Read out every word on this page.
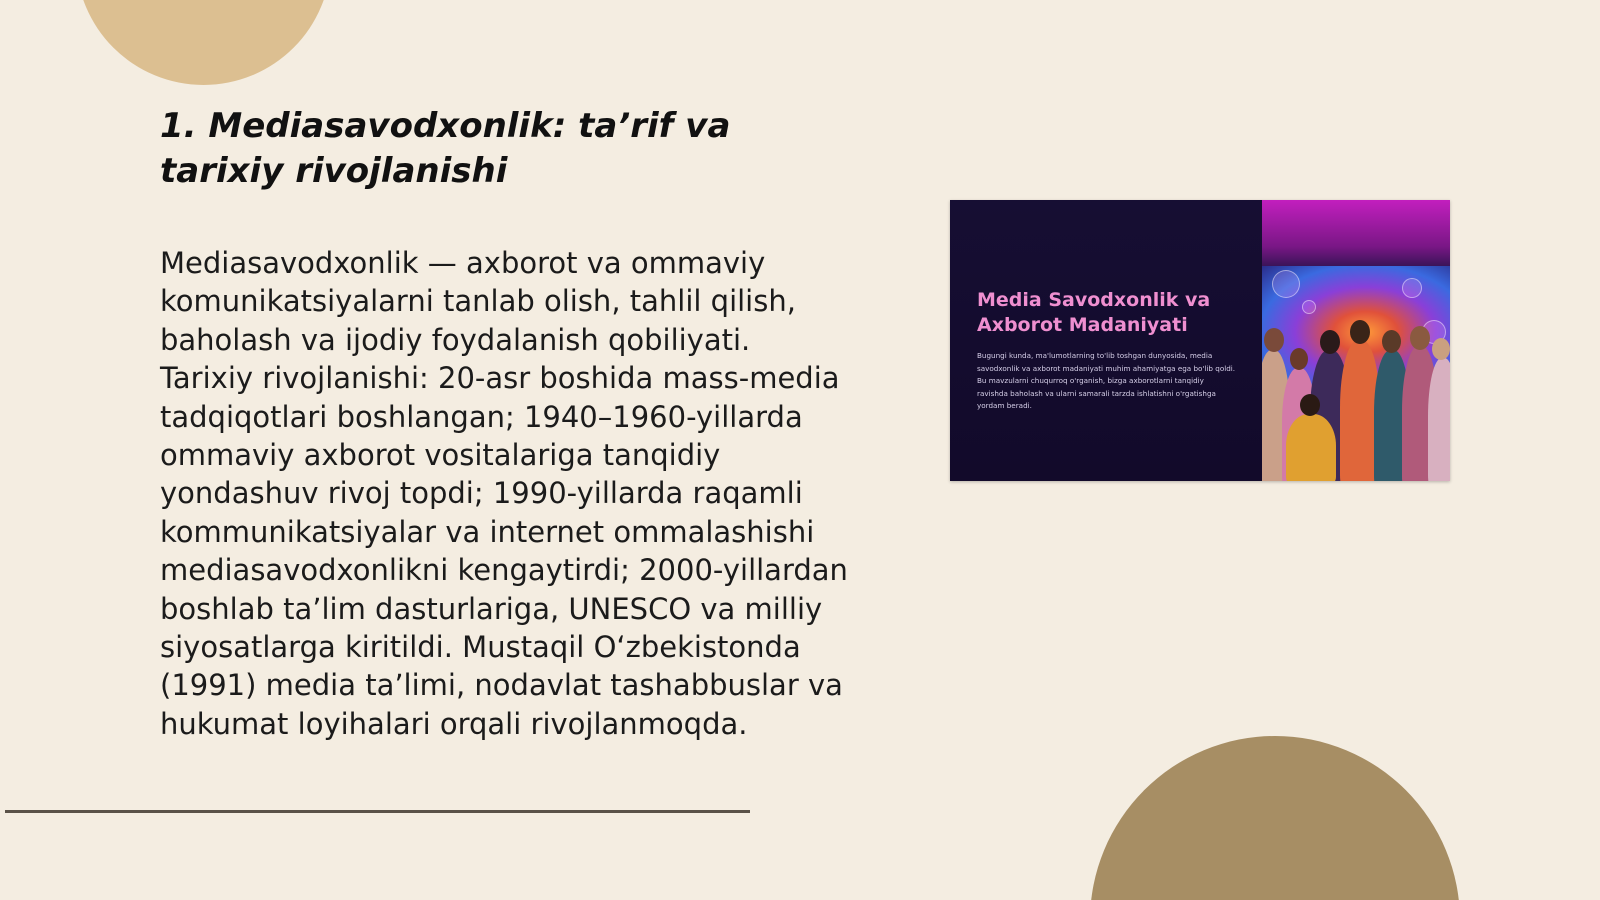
1. Mediasavodxonlik: ta’rif va tarixiy rivojlanishi

Mediasavodxonlik — axborot va ommaviy komunikatsiyalarni tanlab olish, tahlil qilish, baholash va ijodiy foydalanish qobiliyati. Tarixiy rivojlanishi: 20-asr boshida mass-media tadqiqotlari boshlangan; 1940–1960-yillarda ommaviy axborot vositalariga tanqidiy yondashuv rivoj topdi; 1990-yillarda raqamli kommunikatsiyalar va internet ommalashishi mediasavodxonlikni kengaytirdi; 2000-yillardan boshlab ta’lim dasturlariga, UNESCO va milliy siyosatlarga kiritildi. Mustaqil O‘zbekistonda (1991) media ta’limi, nodavlat tashabbuslar va hukumat loyihalari orqali rivojlanmoqda.

Media Savodxonlik va Axborot Madaniyati

Bugungi kunda, ma'lumotlarning to'lib toshgan dunyosida, media savodxonlik va axborot madaniyati muhim ahamiyatga ega bo'lib qoldi. Bu mavzularni chuqurroq o'rganish, bizga axborotlarni tanqidiy ravishda baholash va ularni samarali tarzda ishlatishni o'rgatishga yordam beradi.
